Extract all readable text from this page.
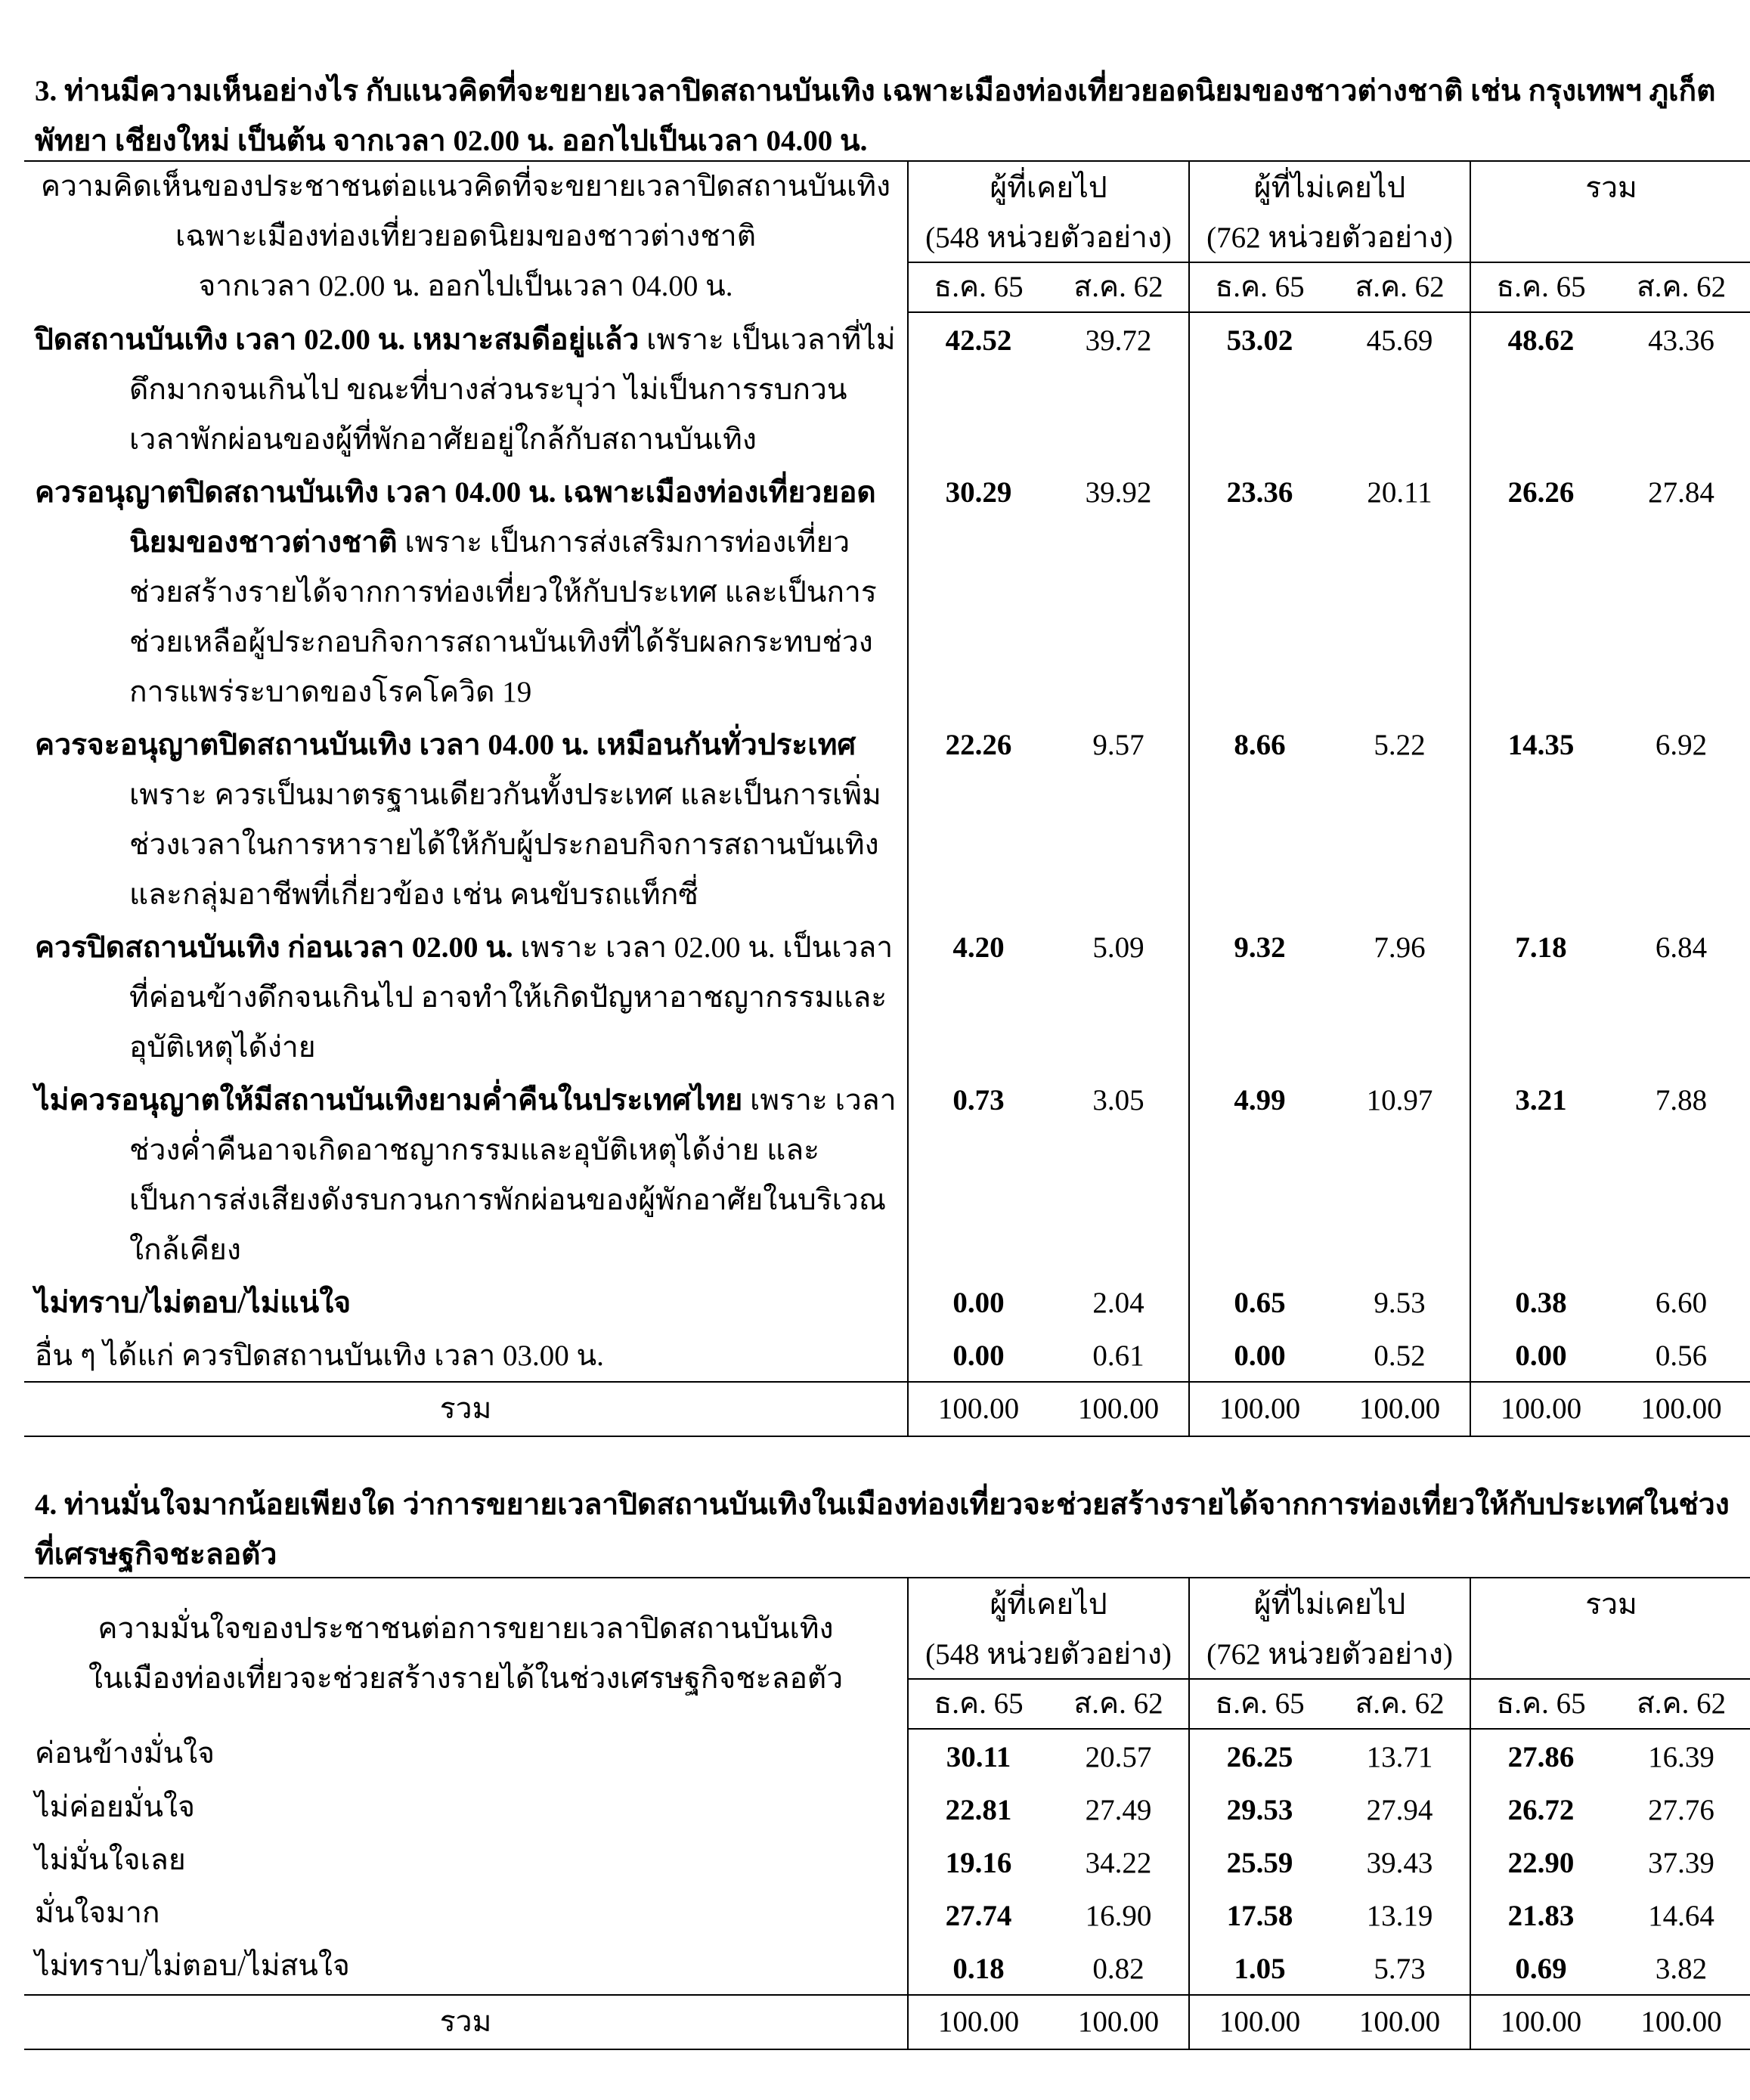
3. ท่านมีความเห็นอย่างไร กับแนวคิดที่จะขยายเวลาปิดสถานบันเทิง เฉพาะเมืองท่องเที่ยวยอดนิยมของชาวต่างชาติ เช่น กรุงเทพฯ ภูเก็ต พัทยา เชียงใหม่ เป็นต้น จากเวลา 02.00 น. ออกไปเป็นเวลา 04.00 น.
ความคิดเห็นของประชาชนต่อแนวคิดที่จะขยายเวลาปิดสถานบันเทิง
เฉพาะเมืองท่องเที่ยวยอดนิยมของชาวต่างชาติ
จากเวลา 02.00 น. ออกไปเป็นเวลา 04.00 น.	ผู้ที่เคยไป		ผู้ที่ไม่เคยไป		รวม	
	(548 หน่วยตัวอย่าง)		(762 หน่วยตัวอย่าง)			
	ธ.ค. 65	ส.ค. 62	ธ.ค. 65	ส.ค. 62	ธ.ค. 65	ส.ค. 62

ปิดสถานบันเทิง เวลา 02.00 น. เหมาะสมดีอยู่แล้ว เพราะ เป็นเวลาที่ไม่ดึกมากจนเกินไป ขณะที่บางส่วนระบุว่า ไม่เป็นการรบกวนเวลาพักผ่อนของผู้ที่พักอาศัยอยู่ใกล้กับสถานบันเทิง	42.52	39.72	53.02	45.69	48.62	43.36

ควรอนุญาตปิดสถานบันเทิง เวลา 04.00 น. เฉพาะเมืองท่องเที่ยวยอดนิยมของชาวต่างชาติ เพราะ เป็นการส่งเสริมการท่องเที่ยว ช่วยสร้างรายได้จากการท่องเที่ยวให้กับประเทศ และเป็นการช่วยเหลือผู้ประกอบกิจการสถานบันเทิงที่ได้รับผลกระทบช่วงการแพร่ระบาดของโรคโควิด 19	30.29	39.92	23.36	20.11	26.26	27.84

ควรจะอนุญาตปิดสถานบันเทิง เวลา 04.00 น. เหมือนกันทั่วประเทศ เพราะ ควรเป็นมาตรฐานเดียวกันทั้งประเทศ และเป็นการเพิ่มช่วงเวลาในการหารายได้ให้กับผู้ประกอบกิจการสถานบันเทิงและกลุ่มอาชีพที่เกี่ยวข้อง เช่น คนขับรถแท็กซี่	22.26	9.57	8.66	5.22	14.35	6.92

ควรปิดสถานบันเทิง ก่อนเวลา 02.00 น. เพราะ เวลา 02.00 น. เป็นเวลาที่ค่อนข้างดึกจนเกินไป อาจทำให้เกิดปัญหาอาชญากรรมและอุบัติเหตุได้ง่าย	4.20	5.09	9.32	7.96	7.18	6.84

ไม่ควรอนุญาตให้มีสถานบันเทิงยามค่ำคืนในประเทศไทย เพราะ เวลาช่วงค่ำคืนอาจเกิดอาชญากรรมและอุบัติเหตุได้ง่าย และเป็นการส่งเสียงดังรบกวนการพักผ่อนของผู้พักอาศัยในบริเวณใกล้เคียง	0.73	3.05	4.99	10.97	3.21	7.88

ไม่ทราบ/ไม่ตอบ/ไม่แน่ใจ	0.00	2.04	0.65	9.53	0.38	6.60

อื่น ๆ ได้แก่ ควรปิดสถานบันเทิง เวลา 03.00 น.	0.00	0.61	0.00	0.52	0.00	0.56
รวม	100.00	100.00	100.00	100.00	100.00	100.00
4. ท่านมั่นใจมากน้อยเพียงใด ว่าการขยายเวลาปิดสถานบันเทิงในเมืองท่องเที่ยวจะช่วยสร้างรายได้จากการท่องเที่ยวให้กับประเทศในช่วงที่เศรษฐกิจชะลอตัว
ความมั่นใจของประชาชนต่อการขยายเวลาปิดสถานบันเทิง
ในเมืองท่องเที่ยวจะช่วยสร้างรายได้ในช่วงเศรษฐกิจชะลอตัว	ผู้ที่เคยไป		ผู้ที่ไม่เคยไป		รวม	
	(548 หน่วยตัวอย่าง)		(762 หน่วยตัวอย่าง)			
	ธ.ค. 65	ส.ค. 62	ธ.ค. 65	ส.ค. 62	ธ.ค. 65	ส.ค. 62
ค่อนข้างมั่นใจ	30.11	20.57	26.25	13.71	27.86	16.39
ไม่ค่อยมั่นใจ	22.81	27.49	29.53	27.94	26.72	27.76
ไม่มั่นใจเลย	19.16	34.22	25.59	39.43	22.90	37.39
มั่นใจมาก	27.74	16.90	17.58	13.19	21.83	14.64
ไม่ทราบ/ไม่ตอบ/ไม่สนใจ	0.18	0.82	1.05	5.73	0.69	3.82
รวม	100.00	100.00	100.00	100.00	100.00	100.00
